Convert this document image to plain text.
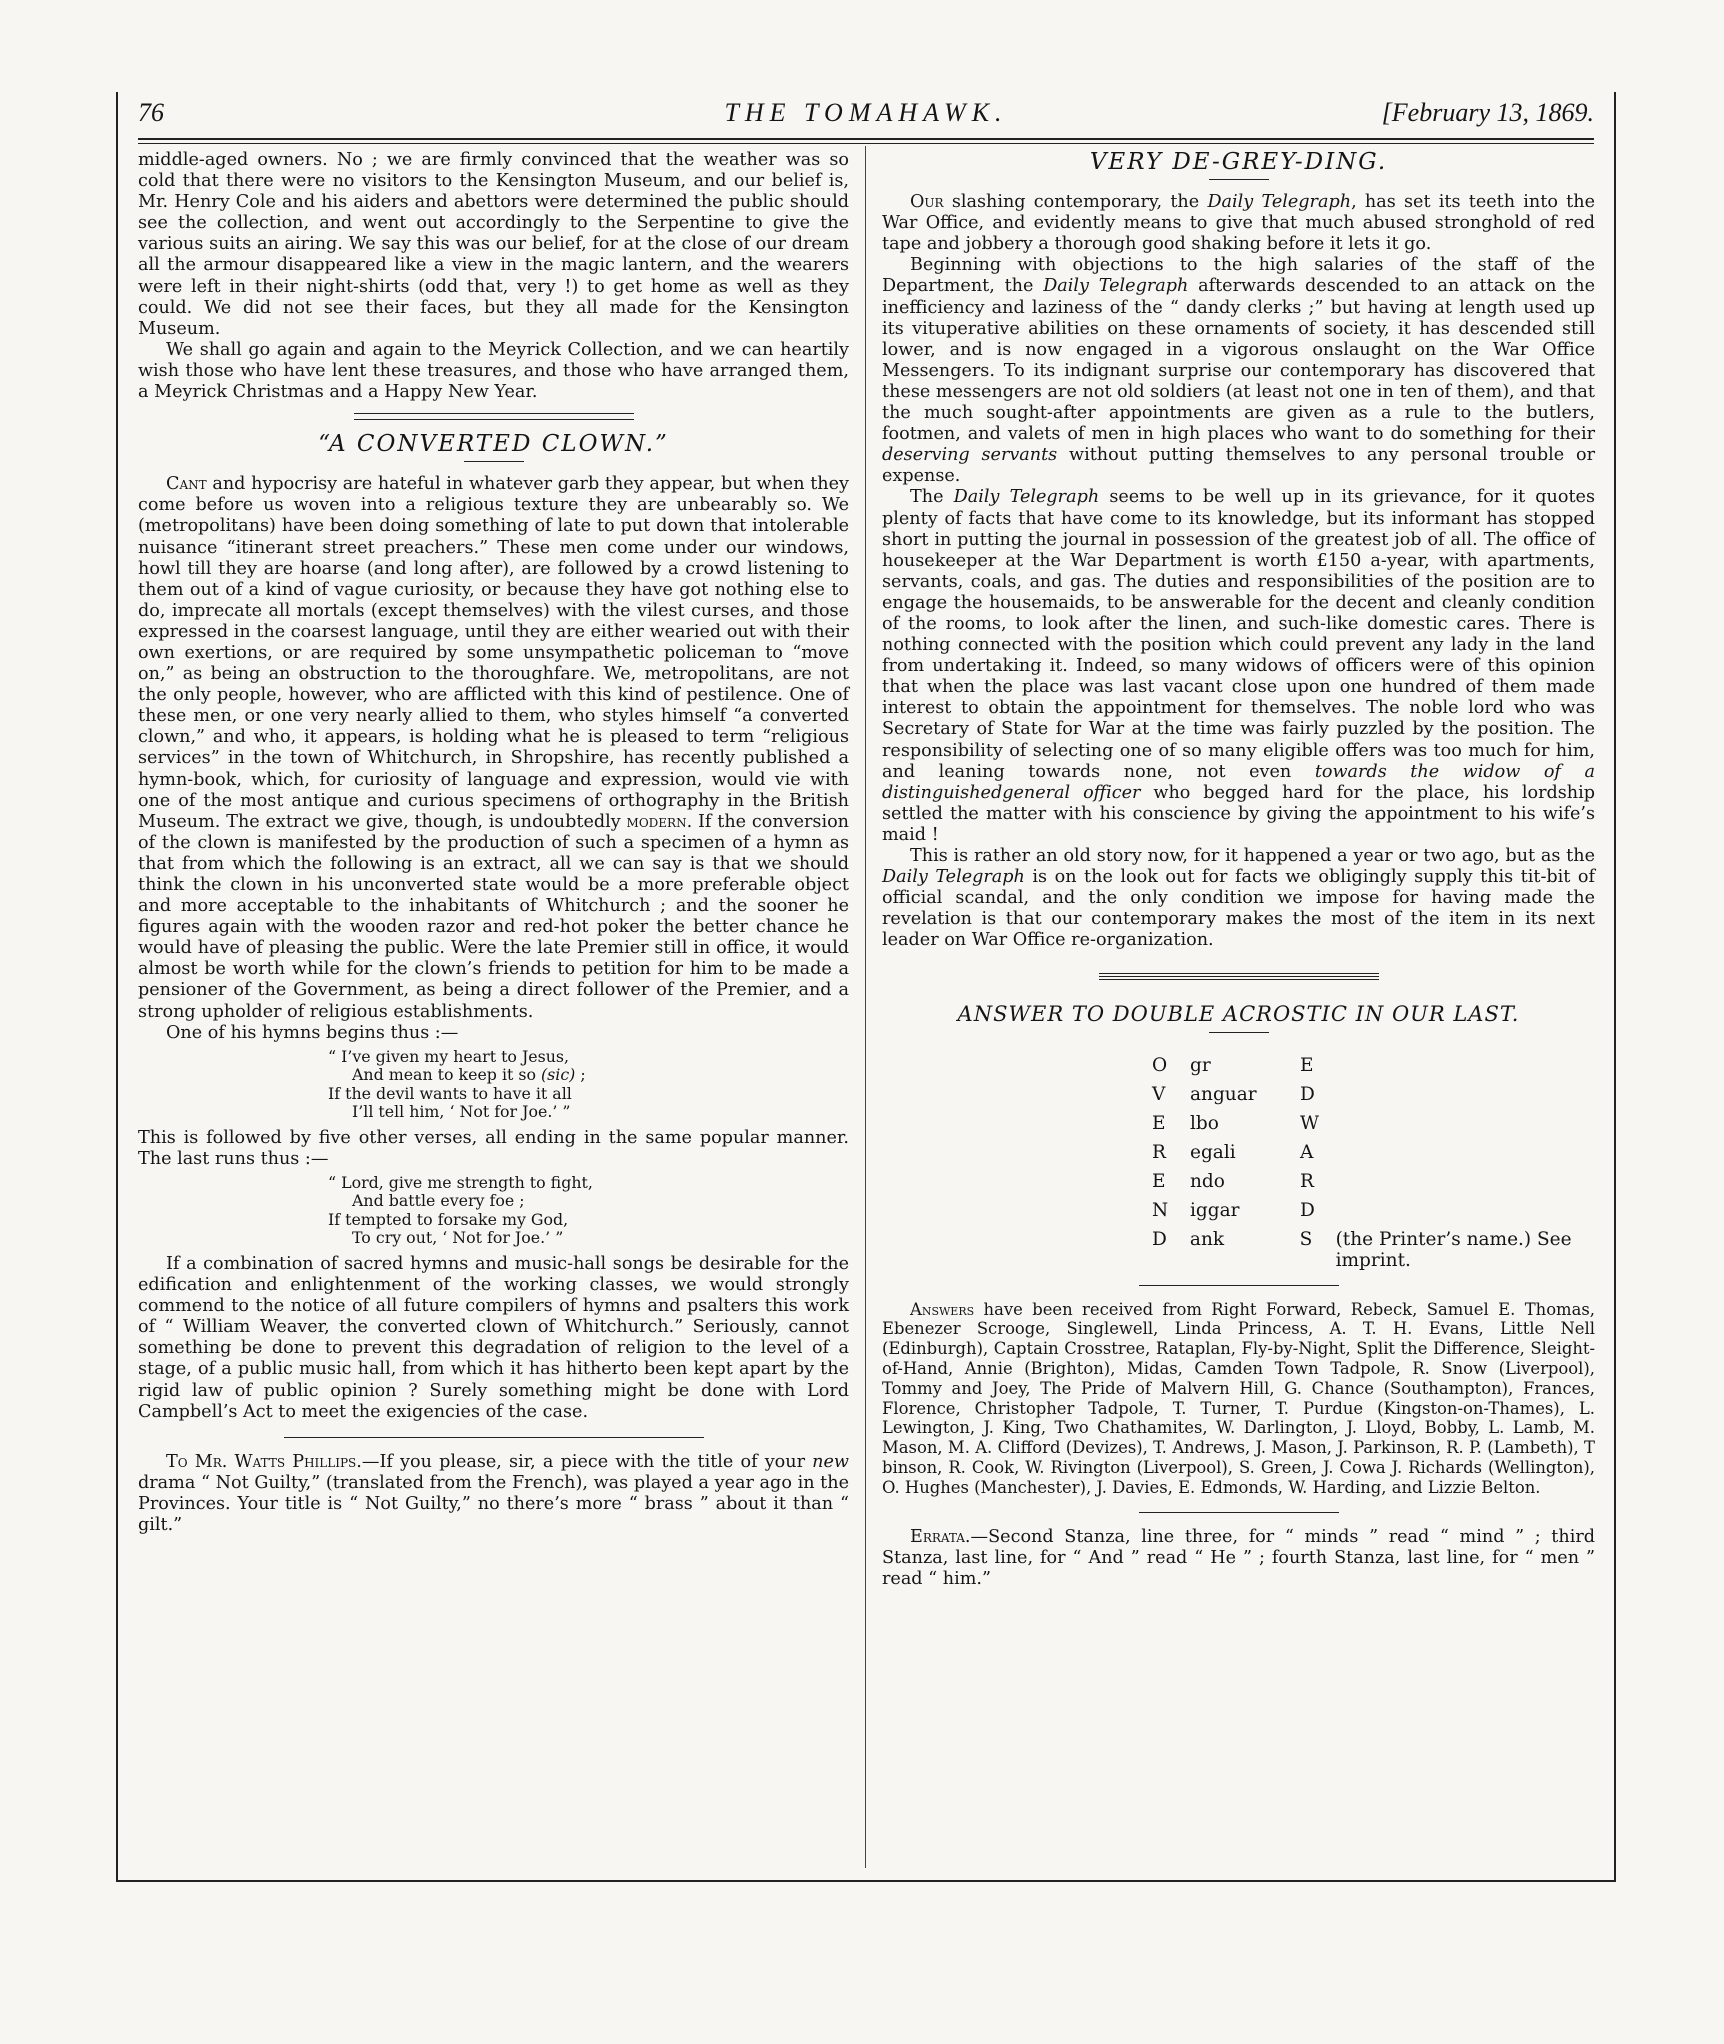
76	THE TOMAHAWK.	[February 13, 1869.

middle-aged owners. No ; we are firmly convinced that the weather was so cold that there were no visitors to the Kensington Museum, and our belief is, Mr. Henry Cole and his aiders and abettors were determined the public should see the collection, and went out accordingly to the Serpentine to give the various suits an airing. We say this was our belief, for at the close of our dream all the armour disappeared like a view in the magic lantern, and the wearers were left in their night-shirts (odd that, very !) to get home as well as they could. We did not see their faces, but they all made for the Kensington Museum.

We shall go again and again to the Meyrick Collection, and we can heartily wish those who have lent these treasures, and those who have arranged them, a Meyrick Christmas and a Happy New Year.

“A CONVERTED CLOWN.”

Cant and hypocrisy are hateful in whatever garb they appear, but when they come before us woven into a religious texture they are unbearably so. We (metropolitans) have been doing something of late to put down that intolerable nuisance “itinerant street preachers.” These men come under our windows, howl till they are hoarse (and long after), are followed by a crowd listening to them out of a kind of vague curiosity, or because they have got nothing else to do, imprecate all mortals (except themselves) with the vilest curses, and those expressed in the coarsest language, until they are either wearied out with their own exertions, or are required by some unsympathetic policeman to “move on,” as being an obstruction to the thoroughfare. We, metropolitans, are not the only people, however, who are afflicted with this kind of pestilence. One of these men, or one very nearly allied to them, who styles himself “a converted clown,” and who, it appears, is holding what he is pleased to term “religious services” in the town of Whitchurch, in Shropshire, has recently published a hymn-book, which, for curiosity of language and expression, would vie with one of the most antique and curious specimens of orthography in the British Museum. The extract we give, though, is undoubtedly modern. If the conversion of the clown is manifested by the production of such a specimen of a hymn as that from which the following is an extract, all we can say is that we should think the clown in his unconverted state would be a more preferable object and more acceptable to the inhabitants of Whitchurch ; and the sooner he figures again with the wooden razor and red-hot poker the better chance he would have of pleasing the public. Were the late Premier still in office, it would almost be worth while for the clown’s friends to petition for him to be made a pensioner of the Government, as being a direct follower of the Premier, and a strong upholder of religious establishments.

One of his hymns begins thus :—

“ I’ve given my heart to Jesus,
And mean to keep it so (sic) ;
If the devil wants to have it all
I’ll tell him, ‘ Not for Joe.’ ”

This is followed by five other verses, all ending in the same popular manner. The last runs thus :—

“ Lord, give me strength to fight,
And battle every foe ;
If tempted to forsake my God,
To cry out, ‘ Not for Joe.’ ”

If a combination of sacred hymns and music-hall songs be desirable for the edification and enlightenment of the working classes, we would strongly commend to the notice of all future compilers of hymns and psalters this work of “ William Weaver, the converted clown of Whitchurch.” Seriously, cannot something be done to prevent this degradation of religion to the level of a stage, of a public music hall, from which it has hitherto been kept apart by the rigid law of public opinion ? Surely something might be done with Lord Campbell’s Act to meet the exigencies of the case.

To Mr. Watts Phillips.—If you please, sir, a piece with the title of your new drama “ Not Guilty,” (translated from the French), was played a year ago in the Provinces. Your title is “ Not Guilty,” no there’s more “ brass ” about it than “ gilt.”

VERY DE-GREY-DING.

Our slashing contemporary, the Daily Telegraph, has set its teeth into the War Office, and evidently means to give that much abused stronghold of red tape and jobbery a thorough good shaking before it lets it go.

Beginning with objections to the high salaries of the staff of the Department, the Daily Telegraph afterwards descended to an attack on the inefficiency and laziness of the “ dandy clerks ;” but having at length used up its vituperative abilities on these ornaments of society, it has descended still lower, and is now engaged in a vigorous onslaught on the War Office Messengers. To its indignant surprise our contemporary has discovered that these messengers are not old soldiers (at least not one in ten of them), and that the much sought-after appointments are given as a rule to the butlers, footmen, and valets of men in high places who want to do something for their deserving servants without putting themselves to any personal trouble or expense.

The Daily Telegraph seems to be well up in its grievance, for it quotes plenty of facts that have come to its knowledge, but its informant has stopped short in putting the journal in possession of the greatest job of all. The office of housekeeper at the War Department is worth £150 a-year, with apartments, servants, coals, and gas. The duties and responsibilities of the position are to engage the housemaids, to be answerable for the decent and cleanly condition of the rooms, to look after the linen, and such-like domestic cares. There is nothing connected with the position which could prevent any lady in the land from undertaking it. Indeed, so many widows of officers were of this opinion that when the place was last vacant close upon one hundred of them made interest to obtain the appointment for themselves. The noble lord who was Secretary of State for War at the time was fairly puzzled by the position. The responsibility of selecting one of so many eligible offers was too much for him, and leaning towards none, not even towards the widow of a distinguishedgeneral officer who begged hard for the place, his lordship settled the matter with his conscience by giving the appointment to his wife’s maid !

This is rather an old story now, for it happened a year or two ago, but as the Daily Telegraph is on the look out for facts we obligingly supply this tit-bit of official scandal, and the only condition we impose for having made the revelation is that our contemporary makes the most of the item in its next leader on War Office re-organization.

ANSWER TO DOUBLE ACROSTIC IN OUR LAST.
O	gr	E
V	anguar	D
E	lbo	W
R	egali	A
E	ndo	R
N	iggar	D
D	ank	S	(the Printer’s name.) See imprint.

Answers have been received from Right Forward, Rebeck, Samuel E. Thomas, Ebenezer Scrooge, Singlewell, Linda Princess, A. T. H. Evans, Little Nell (Edinburgh), Captain Crosstree, Rataplan, Fly-by-Night, Split the Difference, Sleight-of-Hand, Annie (Brighton), Midas, Camden Town Tadpole, R. Snow (Liverpool), Tommy and Joey, The Pride of Malvern Hill, G. Chance (Southampton), Frances, Florence, Christopher Tadpole, T. Turner, T. Purdue (Kingston-on-Thames), L. Lewington, J. King, Two Chathamites, W. Darlington, J. Lloyd, Bobby, L. Lamb, M. Mason, M. A. Clifford (Devizes), T. Andrews, J. Mason, J. Parkinson, R. P. (Lambeth), T binson, R. Cook, W. Rivington (Liverpool), S. Green, J. Cowa J. Richards (Wellington), O. Hughes (Manchester), J. Davies, E. Edmonds, W. Harding, and Lizzie Belton.

Errata.—Second Stanza, line three, for “ minds ” read “ mind ” ; third Stanza, last line, for “ And ” read “ He ” ; fourth Stanza, last line, for “ men ” read “ him.”
